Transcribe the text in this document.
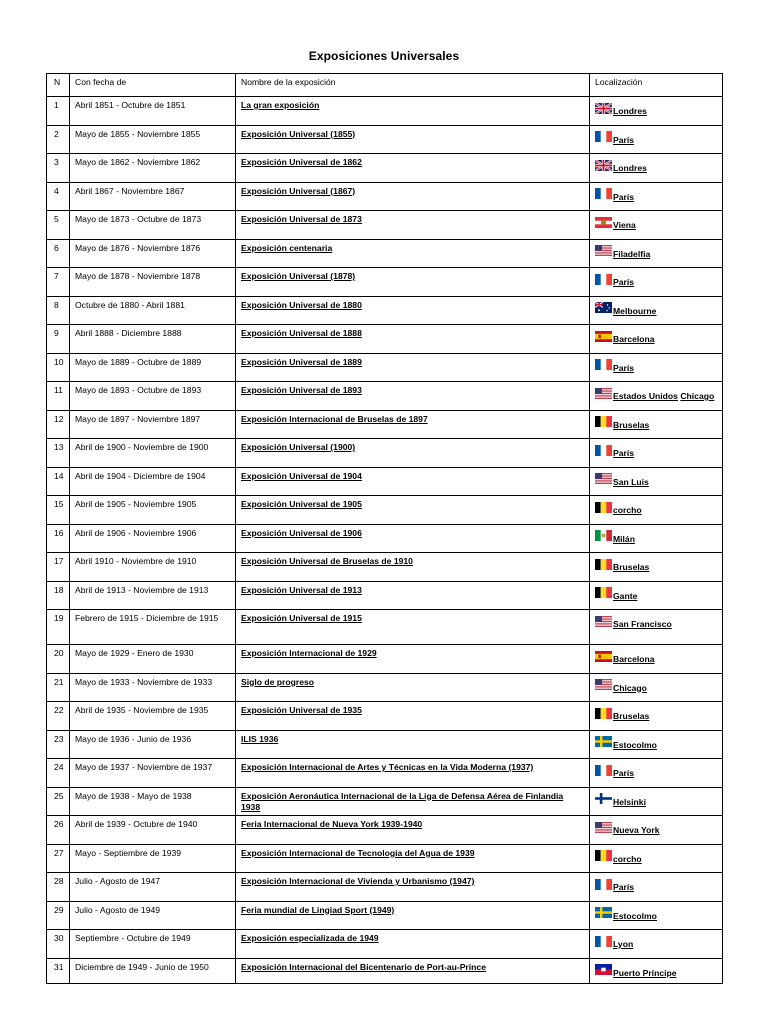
Exposiciones Universales
N	Con fecha de	Nombre de la exposición	Localización
1	Abril 1851 - Octubre de 1851	La gran exposición	Londres
2	Mayo de 1855 - Noviembre 1855	Exposición Universal (1855)	París
3	Mayo de 1862 - Noviembre 1862	Exposición Universal de 1862	Londres
4	Abril 1867 - Noviembre 1867	Exposición Universal (1867)	París
5	Mayo de 1873 - Octubre de 1873	Exposición Universal de 1873	Viena
6	Mayo de 1876 - Noviembre 1876	Exposición centenaria	Filadelfia
7	Mayo de 1878 - Noviembre 1878	Exposición Universal (1878)	París
8	Octubre de 1880 - Abril 1881	Exposición Universal de 1880	Melbourne
9	Abril 1888 - Diciembre 1888	Exposición Universal de 1888	Barcelona
10	Mayo de 1889 - Octubre de 1889	Exposición Universal de 1889	París
11	Mayo de 1893 - Octubre de 1893	Exposición Universal de 1893	Estados Unidos Chicago
12	Mayo de 1897 - Noviembre 1897	Exposición Internacional de Bruselas de 1897	Bruselas
13	Abril de 1900 - Noviembre de 1900	Exposición Universal (1900)	París
14	Abril de 1904 - Diciembre de 1904	Exposición Universal de 1904	San Luis
15	Abril de 1905 - Noviembre 1905	Exposición Universal de 1905	corcho
16	Abril de 1906 - Noviembre 1906	Exposición Universal de 1906	Milán
17	Abril 1910 - Noviembre de 1910	Exposición Universal de Bruselas de 1910	Bruselas
18	Abril de 1913 - Noviembre de 1913	Exposición Universal de 1913	Gante
19	Febrero de 1915 - Diciembre de 1915	Exposición Universal de 1915	San Francisco
20	Mayo de 1929 - Enero de 1930	Exposición Internacional de 1929	Barcelona
21	Mayo de 1933 - Noviembre de 1933	Siglo de progreso	Chicago
22	Abril de 1935 - Noviembre de 1935	Exposición Universal de 1935	Bruselas
23	Mayo de 1936 - Junio de 1936	ILIS 1936	Estocolmo
24	Mayo de 1937 - Noviembre de 1937	Exposición Internacional de Artes y Técnicas en la Vida Moderna (1937)	París
25	Mayo de 1938 - Mayo de 1938	Exposición Aeronáutica Internacional de la Liga de Defensa Aérea de Finlandia 1938	Helsinki
26	Abril de 1939 - Octubre de 1940	Feria Internacional de Nueva York 1939-1940	Nueva York
27	Mayo - Septiembre de 1939	Exposición Internacional de Tecnología del Agua de 1939	corcho
28	Julio - Agosto de 1947	Exposición Internacional de Vivienda y Urbanismo (1947)	París
29	Julio - Agosto de 1949	Feria mundial de Lingiad Sport (1949)	Estocolmo
30	Septiembre - Octubre de 1949	Exposición especializada de 1949	Lyon
31	Diciembre de 1949 - Junio de 1950	Exposición Internacional del Bicentenario de Port-au-Prince	Puerto Príncipe
